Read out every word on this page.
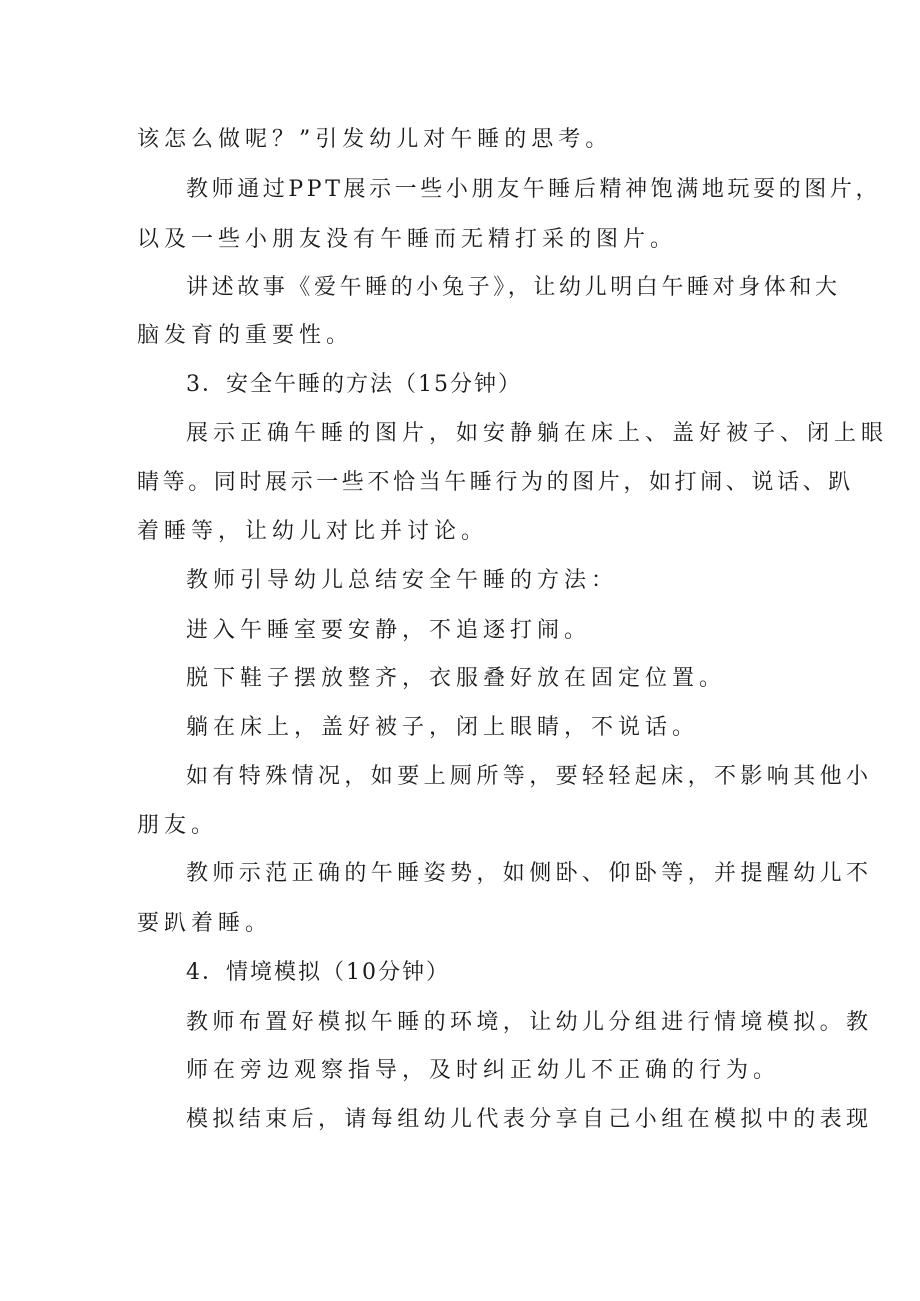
该怎么做呢？”引发幼儿对午睡的思考。
教师通过PPT展示一些小朋友午睡后精神饱满地玩耍的图片，
以及一些小朋友没有午睡而无精打采的图片。
讲述故事《爱午睡的小兔子》，让幼儿明白午睡对身体和大
脑发育的重要性。
3．安全午睡的方法（15分钟）
展示正确午睡的图片，如安静躺在床上、盖好被子、闭上眼
睛等。同时展示一些不恰当午睡行为的图片，如打闹、说话、趴
着睡等，让幼儿对比并讨论。
教师引导幼儿总结安全午睡的方法：
进入午睡室要安静，不追逐打闹。
脱下鞋子摆放整齐，衣服叠好放在固定位置。
躺在床上，盖好被子，闭上眼睛，不说话。
如有特殊情况，如要上厕所等，要轻轻起床，不影响其他小
朋友。
教师示范正确的午睡姿势，如侧卧、仰卧等，并提醒幼儿不
要趴着睡。
4．情境模拟（10分钟）
教师布置好模拟午睡的环境，让幼儿分组进行情境模拟。教
师在旁边观察指导，及时纠正幼儿不正确的行为。
模拟结束后，请每组幼儿代表分享自己小组在模拟中的表现
